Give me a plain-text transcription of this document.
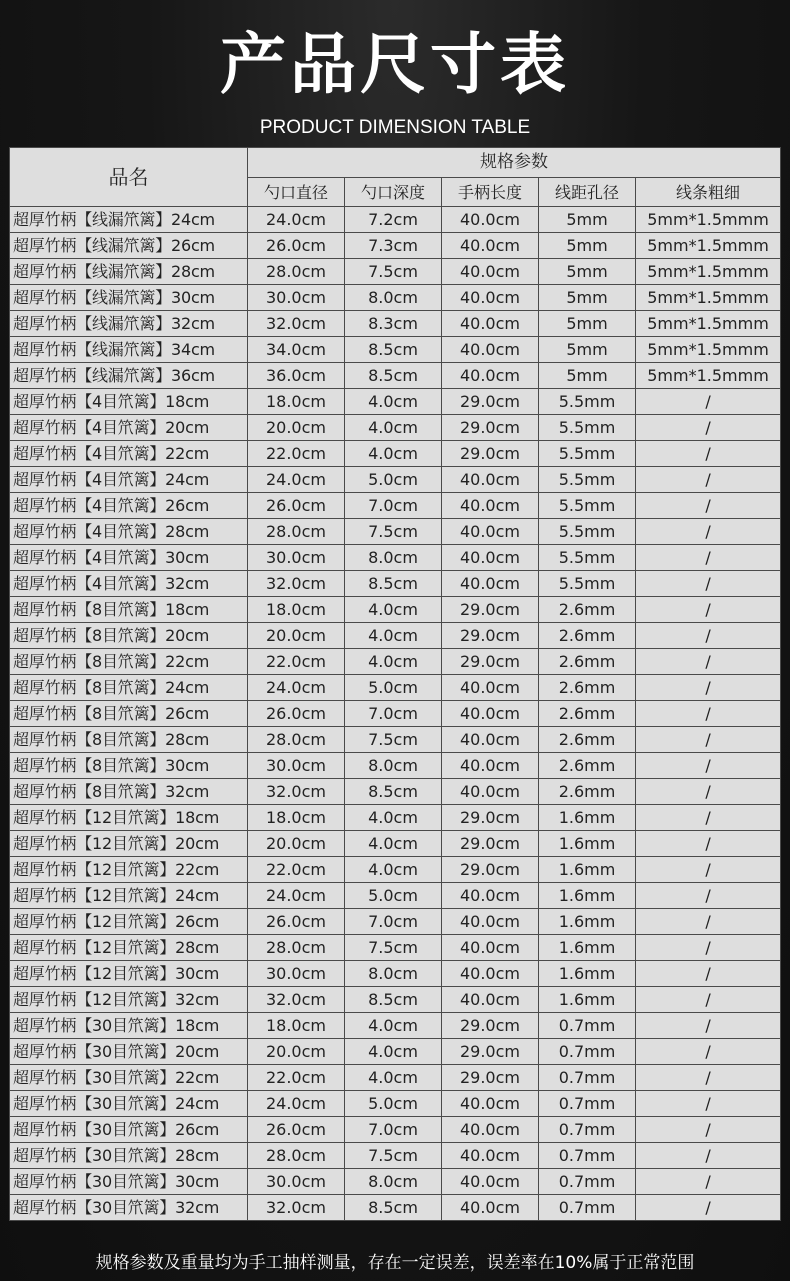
产品尺寸表
PRODUCT DIMENSION TABLE
品名	规格参数				
	勺口直径	勺口深度	手柄长度	线距孔径	线条粗细
超厚竹柄【线漏笊篱】24cm	24.0cm	7.2cm	40.0cm	5mm	5mm*1.5mmm
超厚竹柄【线漏笊篱】26cm	26.0cm	7.3cm	40.0cm	5mm	5mm*1.5mmm
超厚竹柄【线漏笊篱】28cm	28.0cm	7.5cm	40.0cm	5mm	5mm*1.5mmm
超厚竹柄【线漏笊篱】30cm	30.0cm	8.0cm	40.0cm	5mm	5mm*1.5mmm
超厚竹柄【线漏笊篱】32cm	32.0cm	8.3cm	40.0cm	5mm	5mm*1.5mmm
超厚竹柄【线漏笊篱】34cm	34.0cm	8.5cm	40.0cm	5mm	5mm*1.5mmm
超厚竹柄【线漏笊篱】36cm	36.0cm	8.5cm	40.0cm	5mm	5mm*1.5mmm
超厚竹柄【4目笊篱】18cm	18.0cm	4.0cm	29.0cm	5.5mm	/
超厚竹柄【4目笊篱】20cm	20.0cm	4.0cm	29.0cm	5.5mm	/
超厚竹柄【4目笊篱】22cm	22.0cm	4.0cm	29.0cm	5.5mm	/
超厚竹柄【4目笊篱】24cm	24.0cm	5.0cm	40.0cm	5.5mm	/
超厚竹柄【4目笊篱】26cm	26.0cm	7.0cm	40.0cm	5.5mm	/
超厚竹柄【4目笊篱】28cm	28.0cm	7.5cm	40.0cm	5.5mm	/
超厚竹柄【4目笊篱】30cm	30.0cm	8.0cm	40.0cm	5.5mm	/
超厚竹柄【4目笊篱】32cm	32.0cm	8.5cm	40.0cm	5.5mm	/
超厚竹柄【8目笊篱】18cm	18.0cm	4.0cm	29.0cm	2.6mm	/
超厚竹柄【8目笊篱】20cm	20.0cm	4.0cm	29.0cm	2.6mm	/
超厚竹柄【8目笊篱】22cm	22.0cm	4.0cm	29.0cm	2.6mm	/
超厚竹柄【8目笊篱】24cm	24.0cm	5.0cm	40.0cm	2.6mm	/
超厚竹柄【8目笊篱】26cm	26.0cm	7.0cm	40.0cm	2.6mm	/
超厚竹柄【8目笊篱】28cm	28.0cm	7.5cm	40.0cm	2.6mm	/
超厚竹柄【8目笊篱】30cm	30.0cm	8.0cm	40.0cm	2.6mm	/
超厚竹柄【8目笊篱】32cm	32.0cm	8.5cm	40.0cm	2.6mm	/
超厚竹柄【12目笊篱】18cm	18.0cm	4.0cm	29.0cm	1.6mm	/
超厚竹柄【12目笊篱】20cm	20.0cm	4.0cm	29.0cm	1.6mm	/
超厚竹柄【12目笊篱】22cm	22.0cm	4.0cm	29.0cm	1.6mm	/
超厚竹柄【12目笊篱】24cm	24.0cm	5.0cm	40.0cm	1.6mm	/
超厚竹柄【12目笊篱】26cm	26.0cm	7.0cm	40.0cm	1.6mm	/
超厚竹柄【12目笊篱】28cm	28.0cm	7.5cm	40.0cm	1.6mm	/
超厚竹柄【12目笊篱】30cm	30.0cm	8.0cm	40.0cm	1.6mm	/
超厚竹柄【12目笊篱】32cm	32.0cm	8.5cm	40.0cm	1.6mm	/
超厚竹柄【30目笊篱】18cm	18.0cm	4.0cm	29.0cm	0.7mm	/
超厚竹柄【30目笊篱】20cm	20.0cm	4.0cm	29.0cm	0.7mm	/
超厚竹柄【30目笊篱】22cm	22.0cm	4.0cm	29.0cm	0.7mm	/
超厚竹柄【30目笊篱】24cm	24.0cm	5.0cm	40.0cm	0.7mm	/
超厚竹柄【30目笊篱】26cm	26.0cm	7.0cm	40.0cm	0.7mm	/
超厚竹柄【30目笊篱】28cm	28.0cm	7.5cm	40.0cm	0.7mm	/
超厚竹柄【30目笊篱】30cm	30.0cm	8.0cm	40.0cm	0.7mm	/
超厚竹柄【30目笊篱】32cm	32.0cm	8.5cm	40.0cm	0.7mm	/
规格参数及重量均为手工抽样测量，存在一定误差，误差率在10%属于正常范围
